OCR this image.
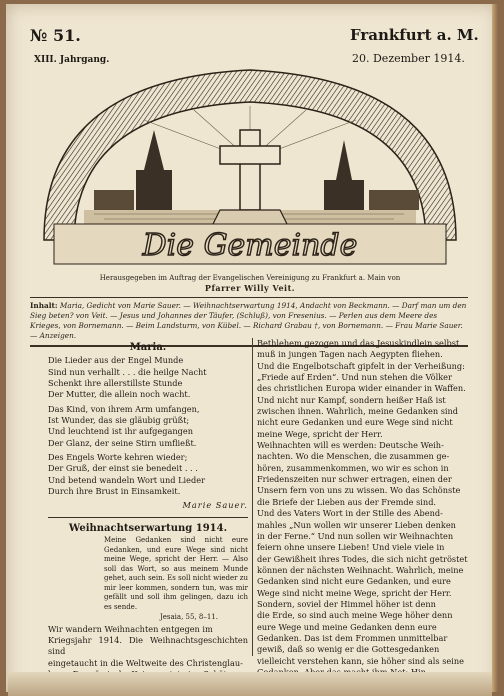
№ 51.	Frankfurt a. M.
XIII. Jahrgang.	20. Dezember 1914.
Die Gemeinde
Herausgegeben im Auftrag der Evangelischen Vereinigung zu Frankfurt a. Main von
Pfarrer Willy Veit.
Inhalt: Maria, Gedicht von Marie Sauer. — Weihnachtserwartung 1914, Andacht von Beckmann. — Darf man um den Sieg beten? von Veit. — Jesus und Johannes der Täufer, (Schluß), von Fresenius. — Perlen aus dem Meere des Krieges, von Bornemann. — Beim Landsturm, von Kübel. — Richard Grabau †, von Bornemann. — Frau Marie Sauer. — Anzeigen.
Maria.
Die Lieder aus der Engel Munde
Sind nun verhallt . . . die heilge Nacht
Schenkt ihre allerstillste Stunde
Der Mutter, die allein noch wacht.
Das Kind, von ihrem Arm umfangen,
Ist Wunder, das sie gläubig grüßt;
Und leuchtend ist ihr aufgegangen
Der Glanz, der seine Stirn umfließt.
Des Engels Worte kehren wieder;
Der Gruß, der einst sie benedeit . . .
Und betend wandeln Wort und Lieder
Durch ihre Brust in Einsamkeit.
Marie Sauer.
Weihnachtserwartung 1914.
Meine Gedanken sind nicht eure Gedanken, und eure Wege sind nicht meine Wege, spricht der Herr. — Also soll das Wort, so aus meinem Munde gehet, auch sein. Es soll nicht wieder zu mir leer kommen, sondern tun, was mir gefällt und soll ihm gelingen, dazu ich es sende.
Jesaia, 55, 8–11.
Wir wandern Weihnachten entgegen im
Kriegsjahr 1914. Die Weihnachtsgeschichten sind
eingetaucht in die Weltweite des Christenglau-
Bethlehem gezogen und das Jesuskindlein selbst
muß in jungen Tagen nach Aegypten fliehen.
Und die Engelbotschaft gipfelt in der Verheißung:
„Friede auf Erden“. Und nun stehen die Völker
des christlichen Europa wider einander in Waffen.
Und nicht nur Kampf, sondern heißer Haß ist
zwischen ihnen. Wahrlich, meine Gedanken sind
nicht eure Gedanken und eure Wege sind nicht
meine Wege, spricht der Herr.
Weihnachten will es werden: Deutsche Weih-
nachten. Wo die Menschen, die zusammen ge-
hören, zusammenkommen, wo wir es schon in
Friedenszeiten nur schwer ertragen, einen der
Unsern fern von uns zu wissen. Wo das Schönste
die Briefe der Lieben aus der Fremde sind.
Und des Vaters Wort in der Stille des Abend-
mahles „Nun wollen wir unserer Lieben denken
in der Ferne.“ Und nun sollen wir Weihnachten
feiern ohne unsere Lieben! Und viele viele in
der Gewißheit ihres Todes, die sich nicht getröstet
können der nächsten Weihnacht. Wahrlich, meine
Gedanken sind nicht eure Gedanken, und eure
Wege sind nicht meine Wege, spricht der Herr.
Sondern, soviel der Himmel höher ist denn
die Erde, so sind auch meine Wege höher denn
eure Wege und meine Gedanken denn eure
Gedanken. Das ist dem Frommen unmittelbar
gewiß, daß so wenig er die Gottesgedanken
vielleicht verstehen kann, sie höher sind als seine
